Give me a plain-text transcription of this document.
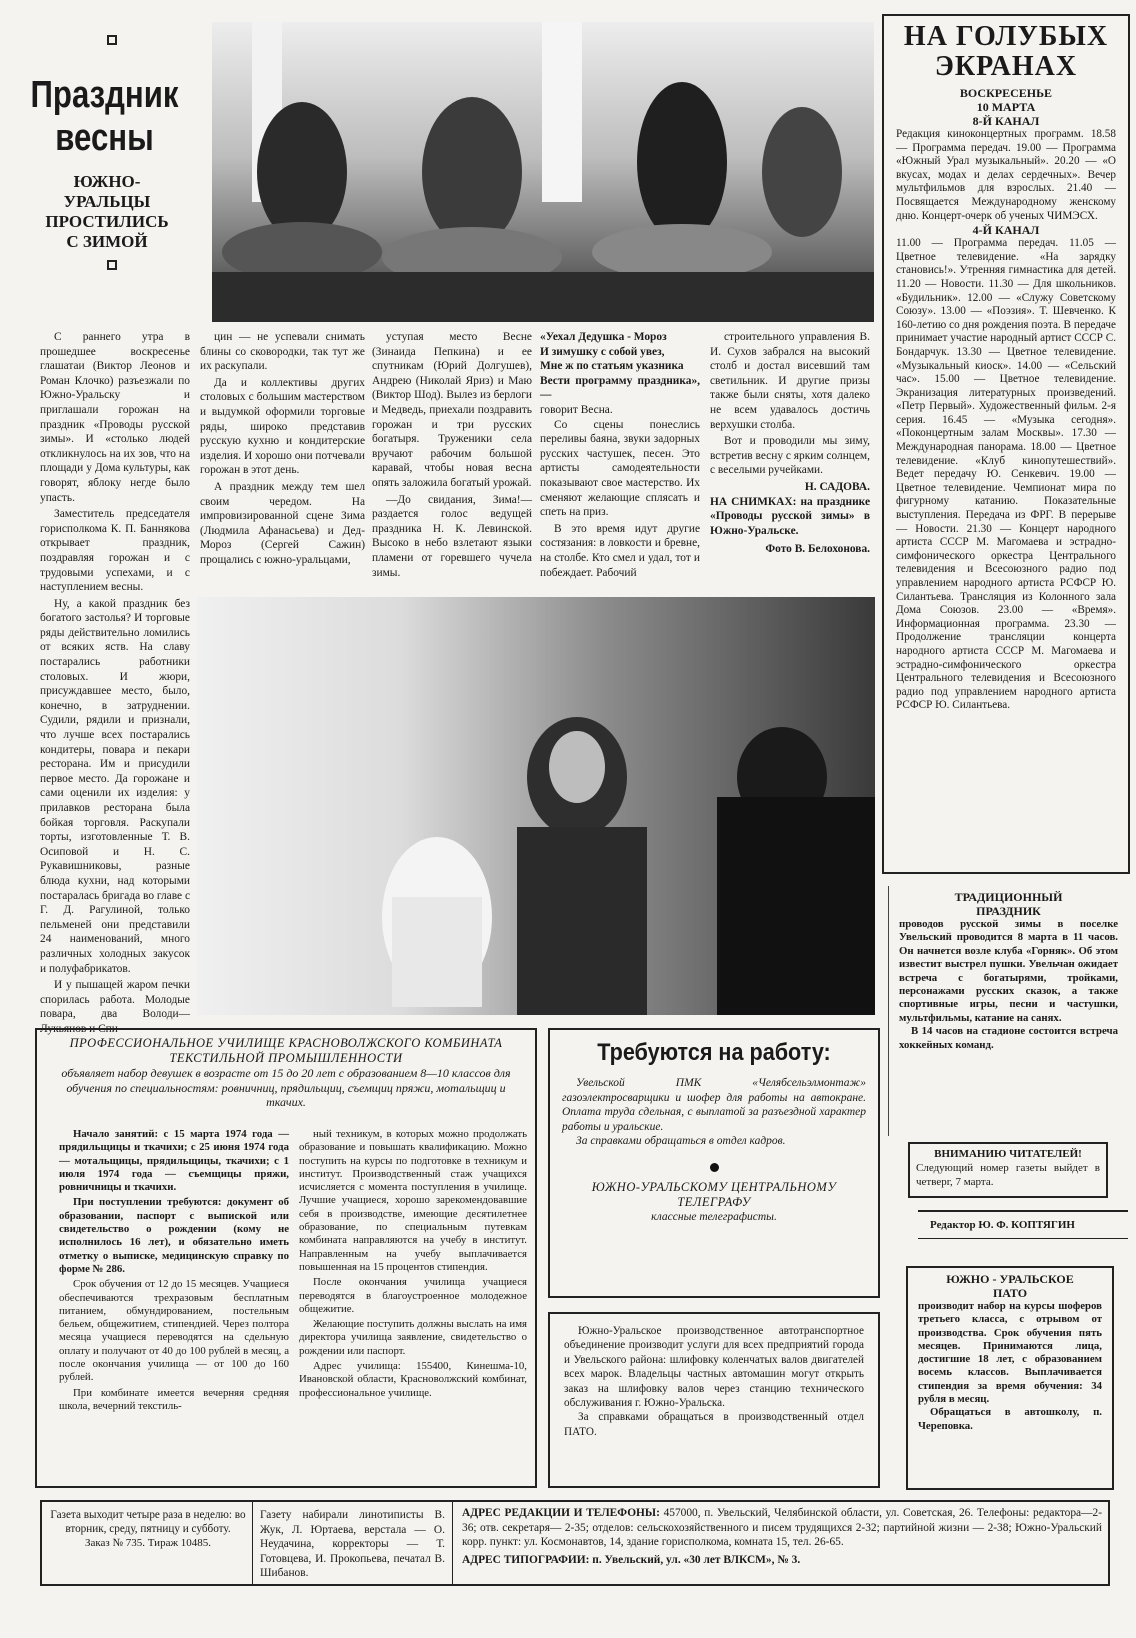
Праздник
весны
ЮЖНО-УРАЛЬЦЫ ПРОСТИЛИСЬ С ЗИМОЙ

С раннего утра в прошедшее воскресенье глашатаи (Виктор Леонов и Роман Клочко) разъезжали по Южно-Уральску и приглашали горожан на праздник «Проводы русской зимы». И «столько людей откликнулось на их зов, что на площади у Дома культуры, как говорят, яблоку негде было упасть.

Заместитель председателя горисполкома К. П. Баннякова открывает праздник, поздравляя горожан и с трудовыми успехами, и с наступлением весны.

Ну, а какой праздник без богатого застолья? И торговые ряды действительно ломились от всяких яств. На славу постарались работники столовых. И жюри, присуждавшее место, было, конечно, в затруднении. Судили, рядили и признали, что лучше всех постарались кондитеры, повара и пекари ресторана. Им и присудили первое место. Да горожане и сами оценили их изделия: у прилавков ресторана была бойкая торговля. Раскупали торты, изготовленные Т. В. Осиповой и Н. С. Рукавишниковы, разные блюда кухни, над которыми постаралась бригада во главе с Г. Д. Рагулиной, только пельменей они представили 24 наименований, много различных холодных закусок и полуфабрикатов.

И у пышащей жаром печки спорилась работа. Молодые повара, два Володи—Лукьянов и Спи-

цин — не успевали снимать блины со сковородки, так тут же их раскупали.

Да и коллективы других столовых с большим мастерством и выдумкой оформили торговые ряды, широко представив русскую кухню и кондитерские изделия. И хорошо они потчевали горожан в этот день.

А праздник между тем шел своим чередом. На импровизированной сцене Зима (Людмила Афанасьева) и Дед-Мороз (Сергей Сажин) прощались с южно-уральцами,

уступая место Весне (Зинаида Пепкина) и ее спутникам (Юрий Долгушев), Андрею (Николай Яриз) и Маю (Виктор Шод). Вылез из берлоги и Медведь, приехали поздравить горожан и три русских богатыря. Труженики села вручают рабочим большой каравай, чтобы новая весна опять заложила богатый урожай.

—До свидания, Зима!— раздается голос ведущей праздника Н. К. Левинской. Высоко в небо взлетают языки пламени от горевшего чучела зимы.

«Уехал Дедушка - Мороз
И зимушку с собой увез,
Мне ж по статьям указника
Вести программу праздника», —
говорит Весна.

Со сцены понеслись переливы баяна, звуки задорных русских частушек, песен. Это артисты самодеятельности показывают свое мастерство. Их сменяют желающие сплясать и спеть на приз.

В это время идут другие состязания: в ловкости и бревне, на столбе. Кто смел и удал, тот и побеждает. Рабочий

строительного управления В. И. Сухов забрался на высокий столб и достал висевший там светильник. И другие призы также были сняты, хотя далеко не всем удавалось достичь верхушки столба.

Вот и проводили мы зиму, встретив весну с ярким солнцем, с веселыми ручейками.

Н. САДОВА.
НА СНИМКАХ: на празднике «Проводы русской зимы» в Южно-Уральске.
Фото В. Белохонова.
НА ГОЛУБЫХ
ЭКРАНАХ
ВОСКРЕСЕНЬЕ
10 МАРТА
8-Й КАНАЛ
Редакция киноконцертных программ. 18.58 — Программа передач. 19.00 — Программа «Южный Урал музыкальный». 20.20 — «О вкусах, модах и делах сердечных». Вечер мультфильмов для взрослых. 21.40 — Посвящается Международному женскому дню. Концерт-очерк об ученых ЧИМЭСХ.
4-Й КАНАЛ
11.00 — Программа передач. 11.05 — Цветное телевидение. «На зарядку становись!». Утренняя гимнастика для детей. 11.20 — Новости. 11.30 — Для школьников. «Будильник». 12.00 — «Служу Советскому Союзу». 13.00 — «Поэзия». Т. Шевченко. К 160-летию со дня рождения поэта. В передаче принимает участие народный артист СССР С. Бондарчук. 13.30 — Цветное телевидение. «Музыкальный киоск». 14.00 — «Сельский час». 15.00 — Цветное телевидение. Экранизация литературных произведений. «Петр Первый». Художественный фильм. 2-я серия. 16.45 — «Музыка сегодня». «Поконцертным залам Москвы». 17.30 — Международная панорама. 18.00 — Цветное телевидение. «Клуб кинопутешествий». Ведет передачу Ю. Сенкевич. 19.00 — Цветное телевидение. Чемпионат мира по фигурному катанию. Показательные выступления. Передача из ФРГ. В перерыве — Новости. 21.30 — Концерт народного артиста СССР М. Магомаева и эстрадно-симфонического оркестра Центрального телевидения и Всесоюзного радио под управлением народного артиста РСФСР Ю. Силантьева. Трансляция из Колонного зала Дома Союзов. 23.00 — «Время». Информационная программа. 23.30 — Продолжение трансляции концерта народного артиста СССР М. Магомаева и эстрадно-симфонического оркестра Центрального телевидения и Всесоюзного радио под управлением народного артиста РСФСР Ю. Силантьева.
ТРАДИЦИОННЫЙ
ПРАЗДНИК
проводов русской зимы в поселке Увельский проводится 8 марта в 11 часов. Он начнется возле клуба «Горняк». Об этом известит выстрел пушки. Увельчан ожидает встреча с богатырями, тройками, персонажами русских сказок, а также спортивные игры, песни и частушки, мультфильмы, катание на санях.
В 14 часов на стадионе состоится встреча хоккейных команд.
ВНИМАНИЮ ЧИТАТЕЛЕЙ!
Следующий номер газеты выйдет в четверг, 7 марта.
Редактор Ю. Ф. КОПТЯГИН
ЮЖНО - УРАЛЬСКОЕ
ПАТО
производит набор на курсы шоферов третьего класса, с отрывом от производства. Срок обучения пять месяцев. Принимаются лица, достигшие 18 лет, с образованием восемь классов. Выплачивается стипендия за время обучения: 34 рубля в месяц.
Обращаться в автошколу, п. Череповка.
ПРОФЕССИОНАЛЬНОЕ УЧИЛИЩЕ КРАСНОВОЛЖСКОГО КОМБИНАТА ТЕКСТИЛЬНОЙ ПРОМЫШЛЕННОСТИ
объявляет набор девушек в возрасте от 15 до 20 лет с образованием 8—10 классов для обучения по специальностям: ровничниц, прядильщиц, съемщиц пряжи, мотальщиц и ткачих.

Начало занятий: с 15 марта 1974 года — прядильщицы и ткачихи; с 25 июня 1974 года — мотальщицы, прядильщицы, ткачихи; с 1 июля 1974 года — съемщицы пряжи, ровничницы и ткачихи.

При поступлении требуются: документ об образовании, паспорт с выпиской или свидетельство о рождении (кому не исполнилось 16 лет), и обязательно иметь отметку о выписке, медицинскую справку по форме № 286.

Срок обучения от 12 до 15 месяцев. Учащиеся обеспечиваются трехразовым бесплатным питанием, обмундированием, постельным бельем, общежитием, стипендией. Через полтора месяца учащиеся переводятся на сдельную оплату и получают от 40 до 100 рублей в месяц, а после окончания училища — от 100 до 160 рублей.

При комбинате имеется вечерняя средняя школа, вечерний текстиль-

ный техникум, в которых можно продолжать образование и повышать квалификацию. Можно поступить на курсы по подготовке в техникум и институт. Производственный стаж учащихся исчисляется с момента поступления в училище. Лучшие учащиеся, хорошо зарекомендовавшие себя в производстве, имеющие десятилетнее образование, по специальным путевкам комбината направляются на учебу в институт. Направленным на учебу выплачивается повышенная на 15 процентов стипендия.

После окончания училища учащиеся переводятся в благоустроенное молодежное общежитие.

Желающие поступить должны выслать на имя директора училища заявление, свидетельство о рождении или паспорт.

Адрес училища: 155400, Кинешма-10, Ивановской области, Красноволжский комбинат, профессиональное училище.

Требуются на работу:
Увельской ПМК «Челябсельэлмонтаж» газоэлектросварщики и шофер для работы на автокране. Оплата труда сдельная, с выплатой за разъездной характер работы и уральские.
За справками обращаться в отдел кадров.
ЮЖНО-УРАЛЬСКОМУ ЦЕНТРАЛЬНОМУ ТЕЛЕГРАФУ
классные телеграфисты.
Южно-Уральское производственное автотранспортное объединение производит услуги для всех предприятий города и Увельского района: шлифовку коленчатых валов двигателей всех марок. Владельцы частных автомашин могут открыть заказ на шлифовку валов через станцию технического обслуживания г. Южно-Уральска.
За справками обращаться в производственный отдел ПАТО.
Газета выходит четыре раза в неделю: во вторник, среду, пятницу и субботу.
Заказ № 735. Тираж 10485.
Газету набирали линотиписты В. Жук, Л. Юртаева, верстала — О. Неудачина, корректоры — Т. Готовцева, И. Прокопьева, печатал В. Шибанов.
АДРЕС РЕДАКЦИИ И ТЕЛЕФОНЫ: 457000, п. Увельский, Челябинской области, ул. Советская, 26. Телефоны: редактора—2-36; отв. секретаря— 2-35; отделов: сельскохозяйственного и писем трудящихся 2-32; партийной жизни — 2-38; Южно-Уральский корр. пункт: ул. Космонавтов, 14, здание горисполкома, комната 15, тел. 26-65.
АДРЕС ТИПОГРАФИИ: п. Увельский, ул. «30 лет ВЛКСМ», № 3.
